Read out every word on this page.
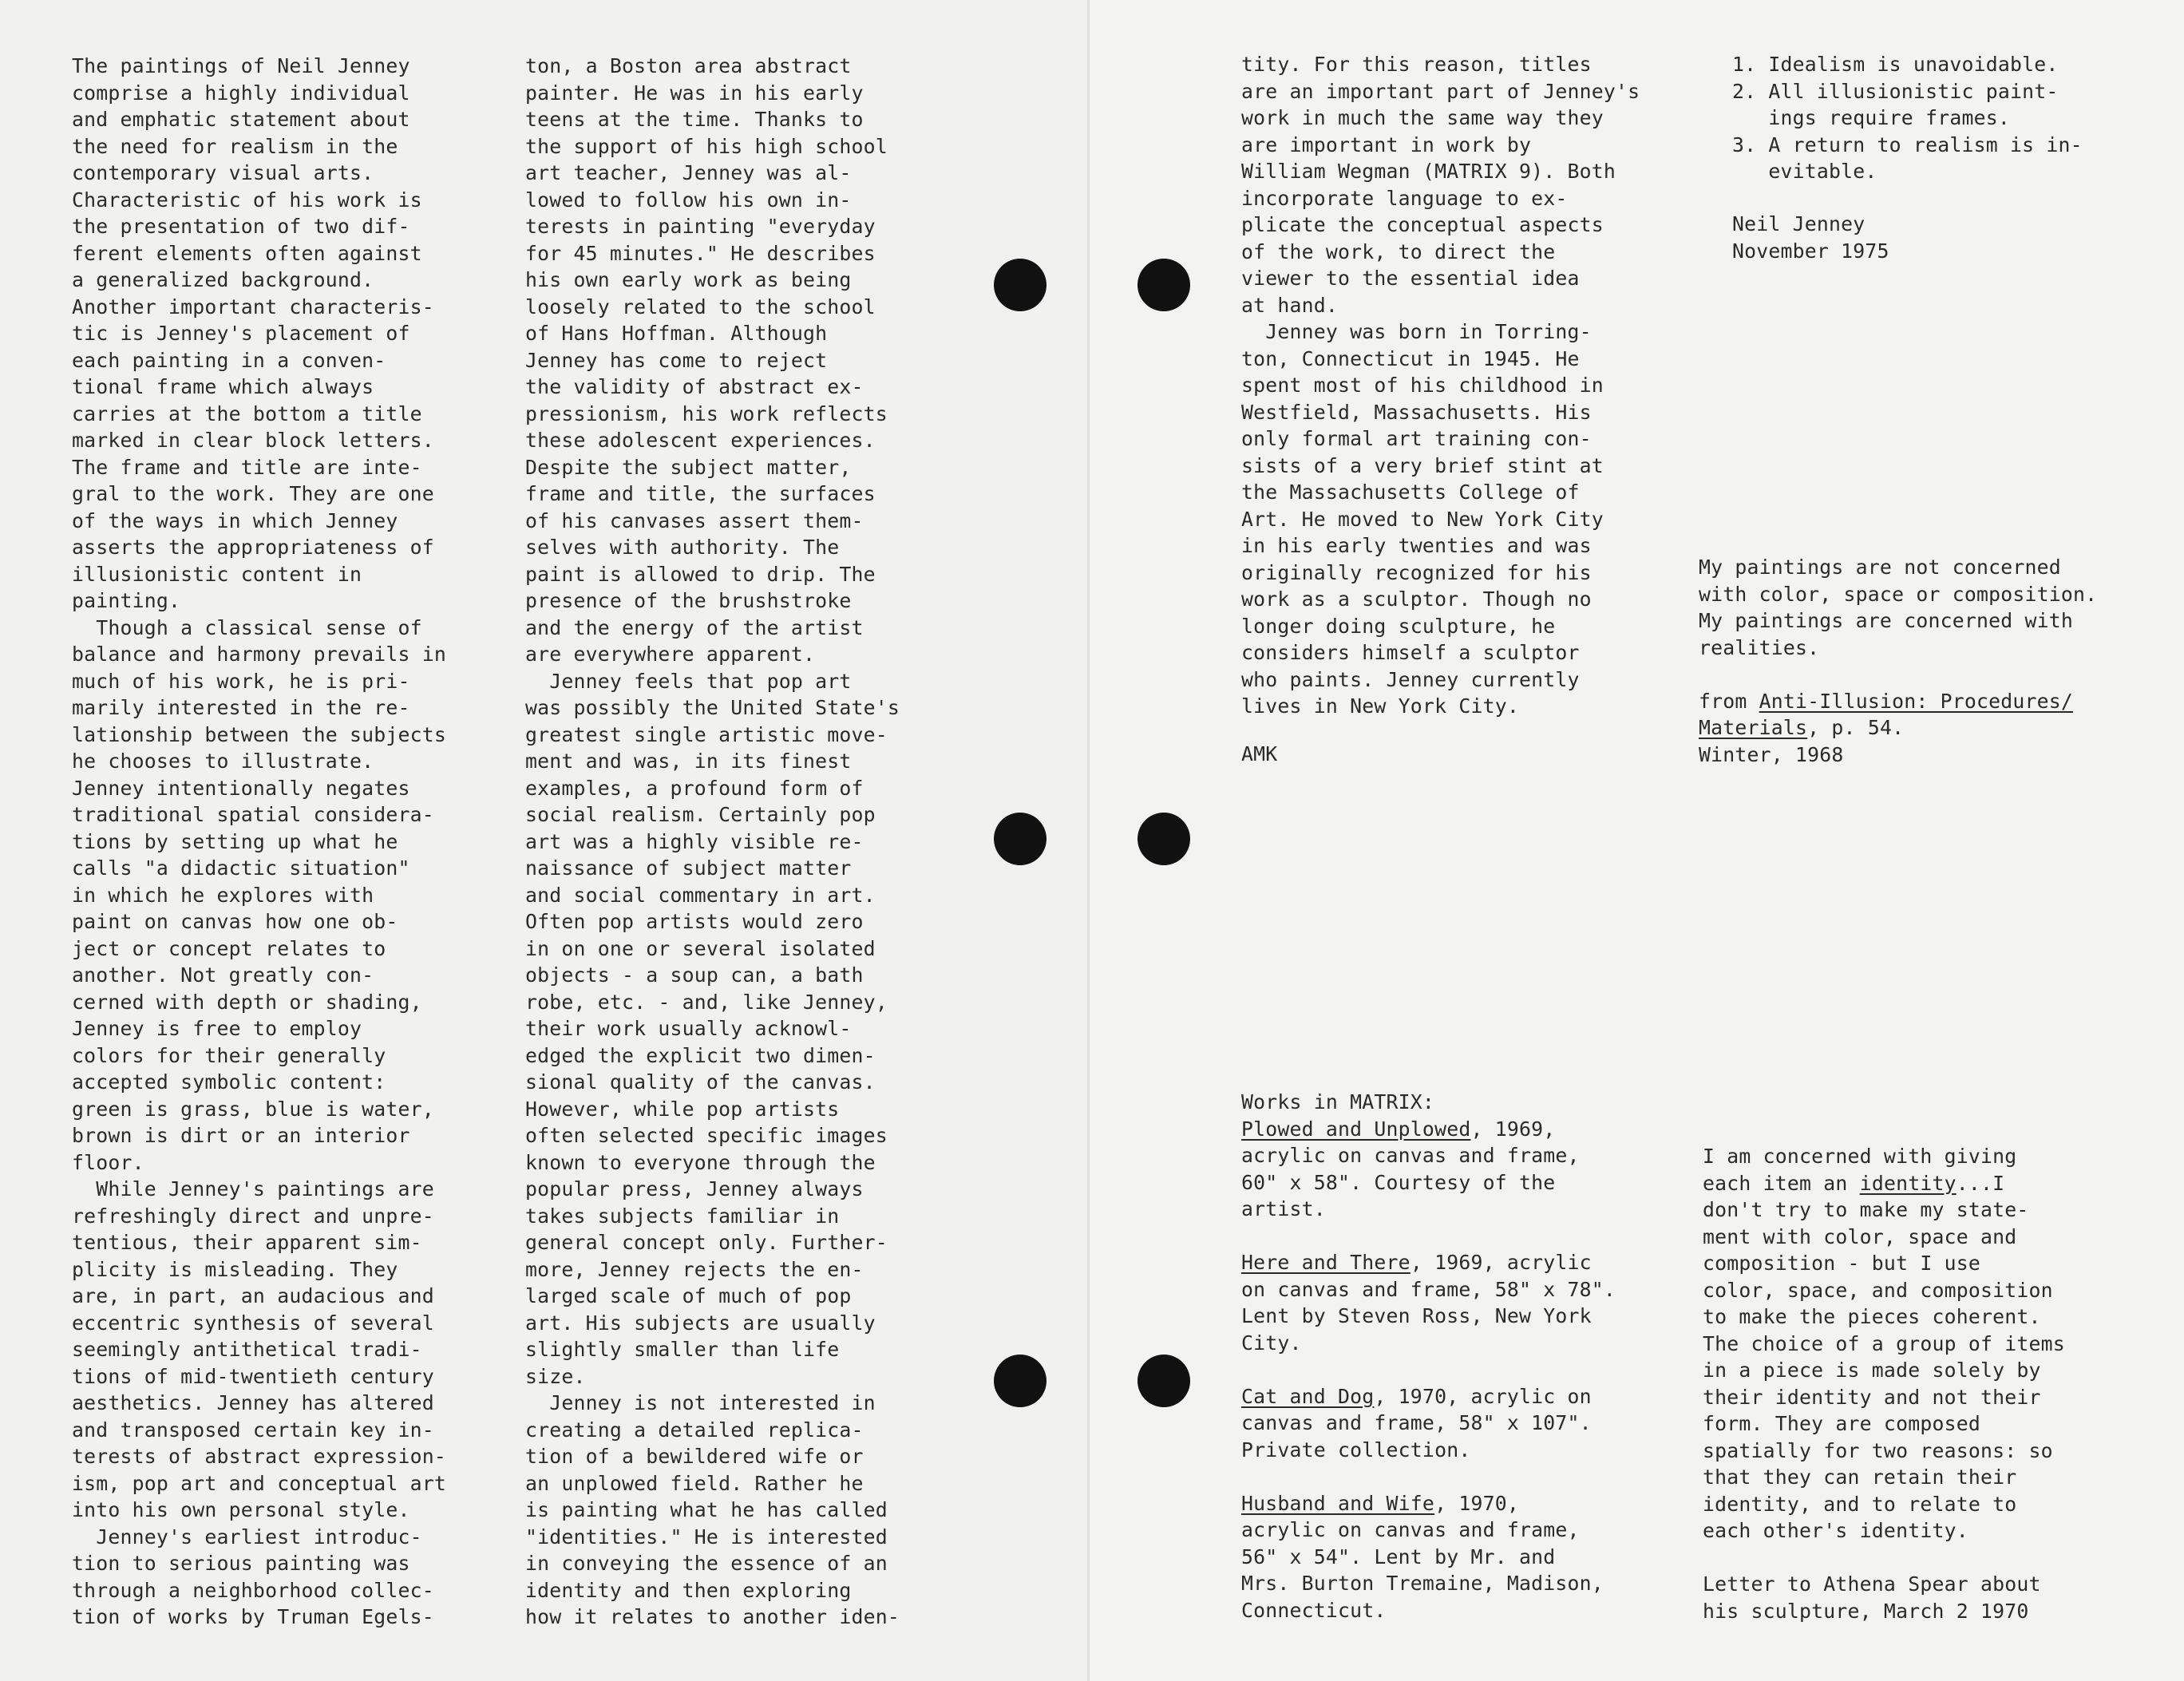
The paintings of Neil Jenney
comprise a highly individual
and emphatic statement about
the need for realism in the
contemporary visual arts.
Characteristic of his work is
the presentation of two dif-
ferent elements often against
a generalized background.
Another important characteris-
tic is Jenney's placement of
each painting in a conven-
tional frame which always
carries at the bottom a title
marked in clear block letters.
The frame and title are inte-
gral to the work. They are one
of the ways in which Jenney
asserts the appropriateness of
illusionistic content in
painting.
Though a classical sense of
balance and harmony prevails in
much of his work, he is pri-
marily interested in the re-
lationship between the subjects
he chooses to illustrate.
Jenney intentionally negates
traditional spatial considera-
tions by setting up what he
calls "a didactic situation"
in which he explores with
paint on canvas how one ob-
ject or concept relates to
another. Not greatly con-
cerned with depth or shading,
Jenney is free to employ
colors for their generally
accepted symbolic content:
green is grass, blue is water,
brown is dirt or an interior
floor.
While Jenney's paintings are
refreshingly direct and unpre-
tentious, their apparent sim-
plicity is misleading. They
are, in part, an audacious and
eccentric synthesis of several
seemingly antithetical tradi-
tions of mid-twentieth century
aesthetics. Jenney has altered
and transposed certain key in-
terests of abstract expression-
ism, pop art and conceptual art
into his own personal style.
Jenney's earliest introduc-
tion to serious painting was
through a neighborhood collec-
tion of works by Truman Egels-
ton, a Boston area abstract
painter. He was in his early
teens at the time. Thanks to
the support of his high school
art teacher, Jenney was al-
lowed to follow his own in-
terests in painting "everyday
for 45 minutes." He describes
his own early work as being
loosely related to the school
of Hans Hoffman. Although
Jenney has come to reject
the validity of abstract ex-
pressionism, his work reflects
these adolescent experiences.
Despite the subject matter,
frame and title, the surfaces
of his canvases assert them-
selves with authority. The
paint is allowed to drip. The
presence of the brushstroke
and the energy of the artist
are everywhere apparent.
Jenney feels that pop art
was possibly the United State's
greatest single artistic move-
ment and was, in its finest
examples, a profound form of
social realism. Certainly pop
art was a highly visible re-
naissance of subject matter
and social commentary in art.
Often pop artists would zero
in on one or several isolated
objects - a soup can, a bath
robe, etc. - and, like Jenney,
their work usually acknowl-
edged the explicit two dimen-
sional quality of the canvas.
However, while pop artists
often selected specific images
known to everyone through the
popular press, Jenney always
takes subjects familiar in
general concept only. Further-
more, Jenney rejects the en-
larged scale of much of pop
art. His subjects are usually
slightly smaller than life
size.
Jenney is not interested in
creating a detailed replica-
tion of a bewildered wife or
an unplowed field. Rather he
is painting what he has called
"identities." He is interested
in conveying the essence of an
identity and then exploring
how it relates to another iden-
tity. For this reason, titles
are an important part of Jenney's
work in much the same way they
are important in work by
William Wegman (MATRIX 9). Both
incorporate language to ex-
plicate the conceptual aspects
of the work, to direct the
viewer to the essential idea
at hand.
Jenney was born in Torring-
ton, Connecticut in 1945. He
spent most of his childhood in
Westfield, Massachusetts. His
only formal art training con-
sists of a very brief stint at
the Massachusetts College of
Art. He moved to New York City
in his early twenties and was
originally recognized for his
work as a sculptor. Though no
longer doing sculpture, he
considers himself a sculptor
who paints. Jenney currently
lives in New York City.
AMK
Works in MATRIX:
Plowed and Unplowed, 1969,
acrylic on canvas and frame,
60" x 58". Courtesy of the
artist.

Here and There, 1969, acrylic
on canvas and frame, 58" x 78".
Lent by Steven Ross, New York
City.

Cat and Dog, 1970, acrylic on
canvas and frame, 58" x 107".
Private collection.

Husband and Wife, 1970,
acrylic on canvas and frame,
56" x 54". Lent by Mr. and
Mrs. Burton Tremaine, Madison,
Connecticut.
1. Idealism is unavoidable.
2. All illusionistic paint-
ings require frames.
3. A return to realism is in-
evitable.
Neil Jenney
November 1975
My paintings are not concerned
with color, space or composition.
My paintings are concerned with
realities.

from Anti-Illusion: Procedures/
Materials, p. 54.
Winter, 1968
I am concerned with giving
each item an identity...I
don't try to make my state-
ment with color, space and
composition - but I use
color, space, and composition
to make the pieces coherent.
The choice of a group of items
in a piece is made solely by
their identity and not their
form. They are composed
spatially for two reasons: so
that they can retain their
identity, and to relate to
each other's identity.

Letter to Athena Spear about
his sculpture, March 2 1970
